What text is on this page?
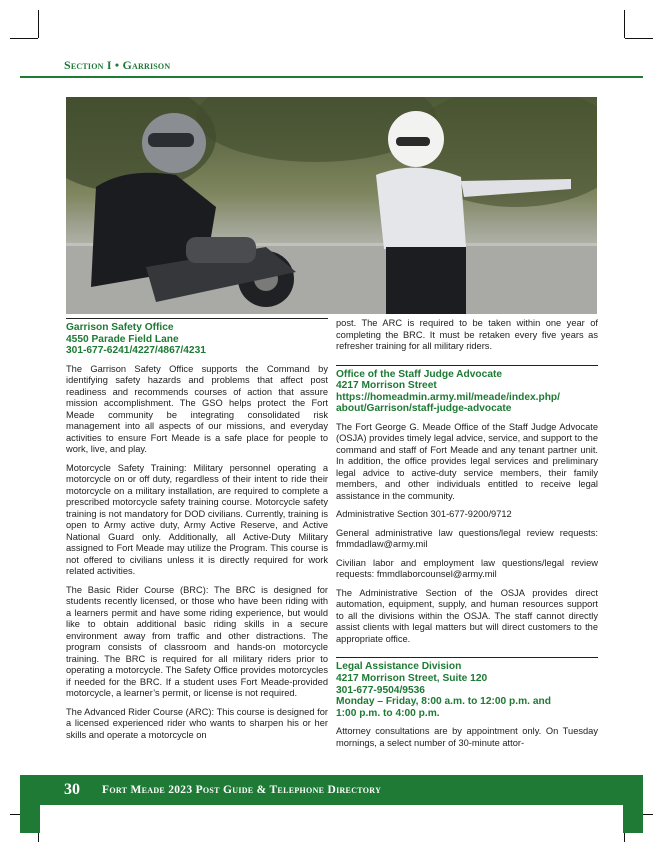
Section I • Garrison
Garrison Safety Office
4550 Parade Field Lane
301-677-6241/4227/4867/4231

The Garrison Safety Office supports the Command by identifying safety hazards and problems that affect post readiness and recommends courses of action that assure mission accomplishment. The GSO helps protect the Fort Meade community be integrating consolidated risk management into all aspects of our missions, and everyday activities to ensure Fort Meade is a safe place for people to work, live, and play.

Motorcycle Safety Training: Military personnel operating a motorcycle on or off duty, regardless of their intent to ride their motorcycle on a military installation, are required to complete a prescribed motorcycle safety training course. Motorcycle safety training is not mandatory for DOD civilians. Currently, training is open to Army active duty, Army Active Reserve, and Active National Guard only. Additionally, all Active-Duty Military assigned to Fort Meade may utilize the Program. This course is not offered to civilians unless it is directly required for work related activities.

The Basic Rider Course (BRC): The BRC is designed for students recently licensed, or those who have been riding with a learners permit and have some riding experience, but would like to obtain additional basic riding skills in a secure environment away from traffic and other distractions. The program consists of classroom and hands-on motorcycle training. The BRC is required for all military riders prior to operating a motorcycle. The Safety Office provides motorcycles if needed for the BRC. If a student uses Fort Meade-provided motorcycle, a learner’s permit, or license is not required.

The Advanced Rider Course (ARC): This course is designed for a licensed experienced rider who wants to sharpen his or her skills and operate a motorcycle on

post. The ARC is required to be taken within one year of completing the BRC. It must be retaken every five years as refresher training for all military riders.

Office of the Staff Judge Advocate
4217 Morrison Street
https://homeadmin.army.mil/meade/index.php/
about/Garrison/staff-judge-advocate

The Fort George G. Meade Office of the Staff Judge Advocate (OSJA) provides timely legal advice, service, and support to the command and staff of Fort Meade and any tenant partner unit. In addition, the office provides legal services and preliminary legal advice to active-duty service members, their family members, and other individuals entitled to receive legal assistance in the community.

Administrative Section 301-677-9200/9712

General administrative law questions/legal review requests: fmmdadlaw@army.mil

Civilian labor and employment law questions/legal review requests: fmmdlaborcounsel@army.mil

The Administrative Section of the OSJA provides direct automation, equipment, supply, and human resources support to all the divisions within the OSJA. The staff cannot directly assist clients with legal matters but will direct customers to the appropriate office.

Legal Assistance Division
4217 Morrison Street, Suite 120
301-677-9504/9536
Monday – Friday, 8:00 a.m. to 12:00 p.m. and
1:00 p.m. to 4:00 p.m.

Attorney consultations are by appointment only. On Tuesday mornings, a select number of 30-minute attor-

30 Fort Meade 2023 Post Guide & Telephone Directory
